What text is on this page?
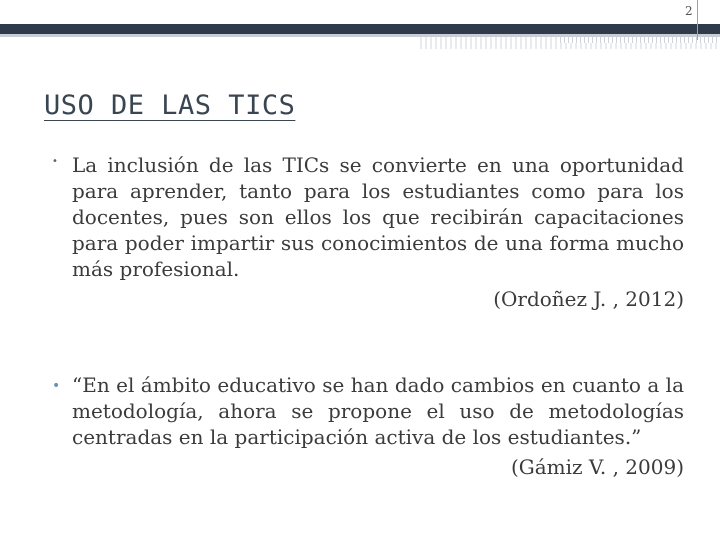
2
USO DE LAS TICS
• La inclusión de las TICs se convierte en una oportunidad para aprender, tanto para los estudiantes como para los docentes, pues son ellos los que recibirán capacitaciones para poder impartir sus conocimientos de una forma mucho más profesional.
(Ordoñez J. , 2012)
• “En el ámbito educativo se han dado cambios en cuanto a la metodología, ahora se propone el uso de metodologías centradas en la participación activa de los estudiantes.”
(Gámiz V. , 2009)
